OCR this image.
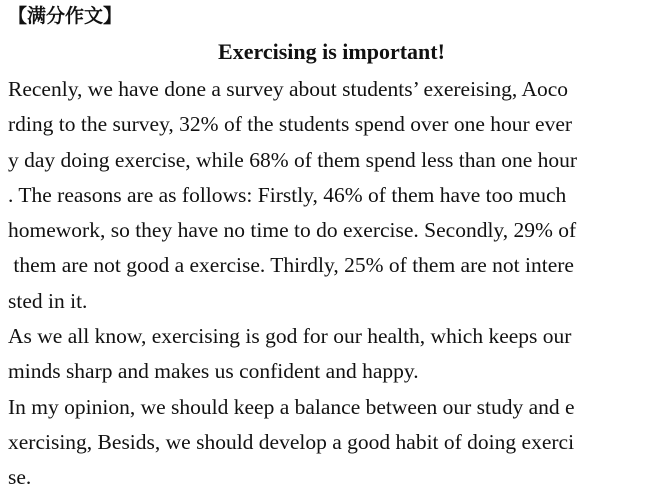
【满分作文】
Exercising is important!
Recenly, we have done a survey about students’ exereising, Aoco
rding to the survey, 32% of the students spend over one hour ever
y day doing exercise, while 68% of them spend less than one hour
. The reasons are as follows: Firstly, 46% of them have too much
homework, so they have no time to do exercise. Secondly, 29% of
them are not good a exercise. Thirdly, 25% of them are not intere
sted in it.
As we all know, exercising is god for our health, which keeps our
minds sharp and makes us confident and happy.
In my opinion, we should keep a balance between our study and e
xercising, Besids, we should develop a good habit of doing exerci
se.
